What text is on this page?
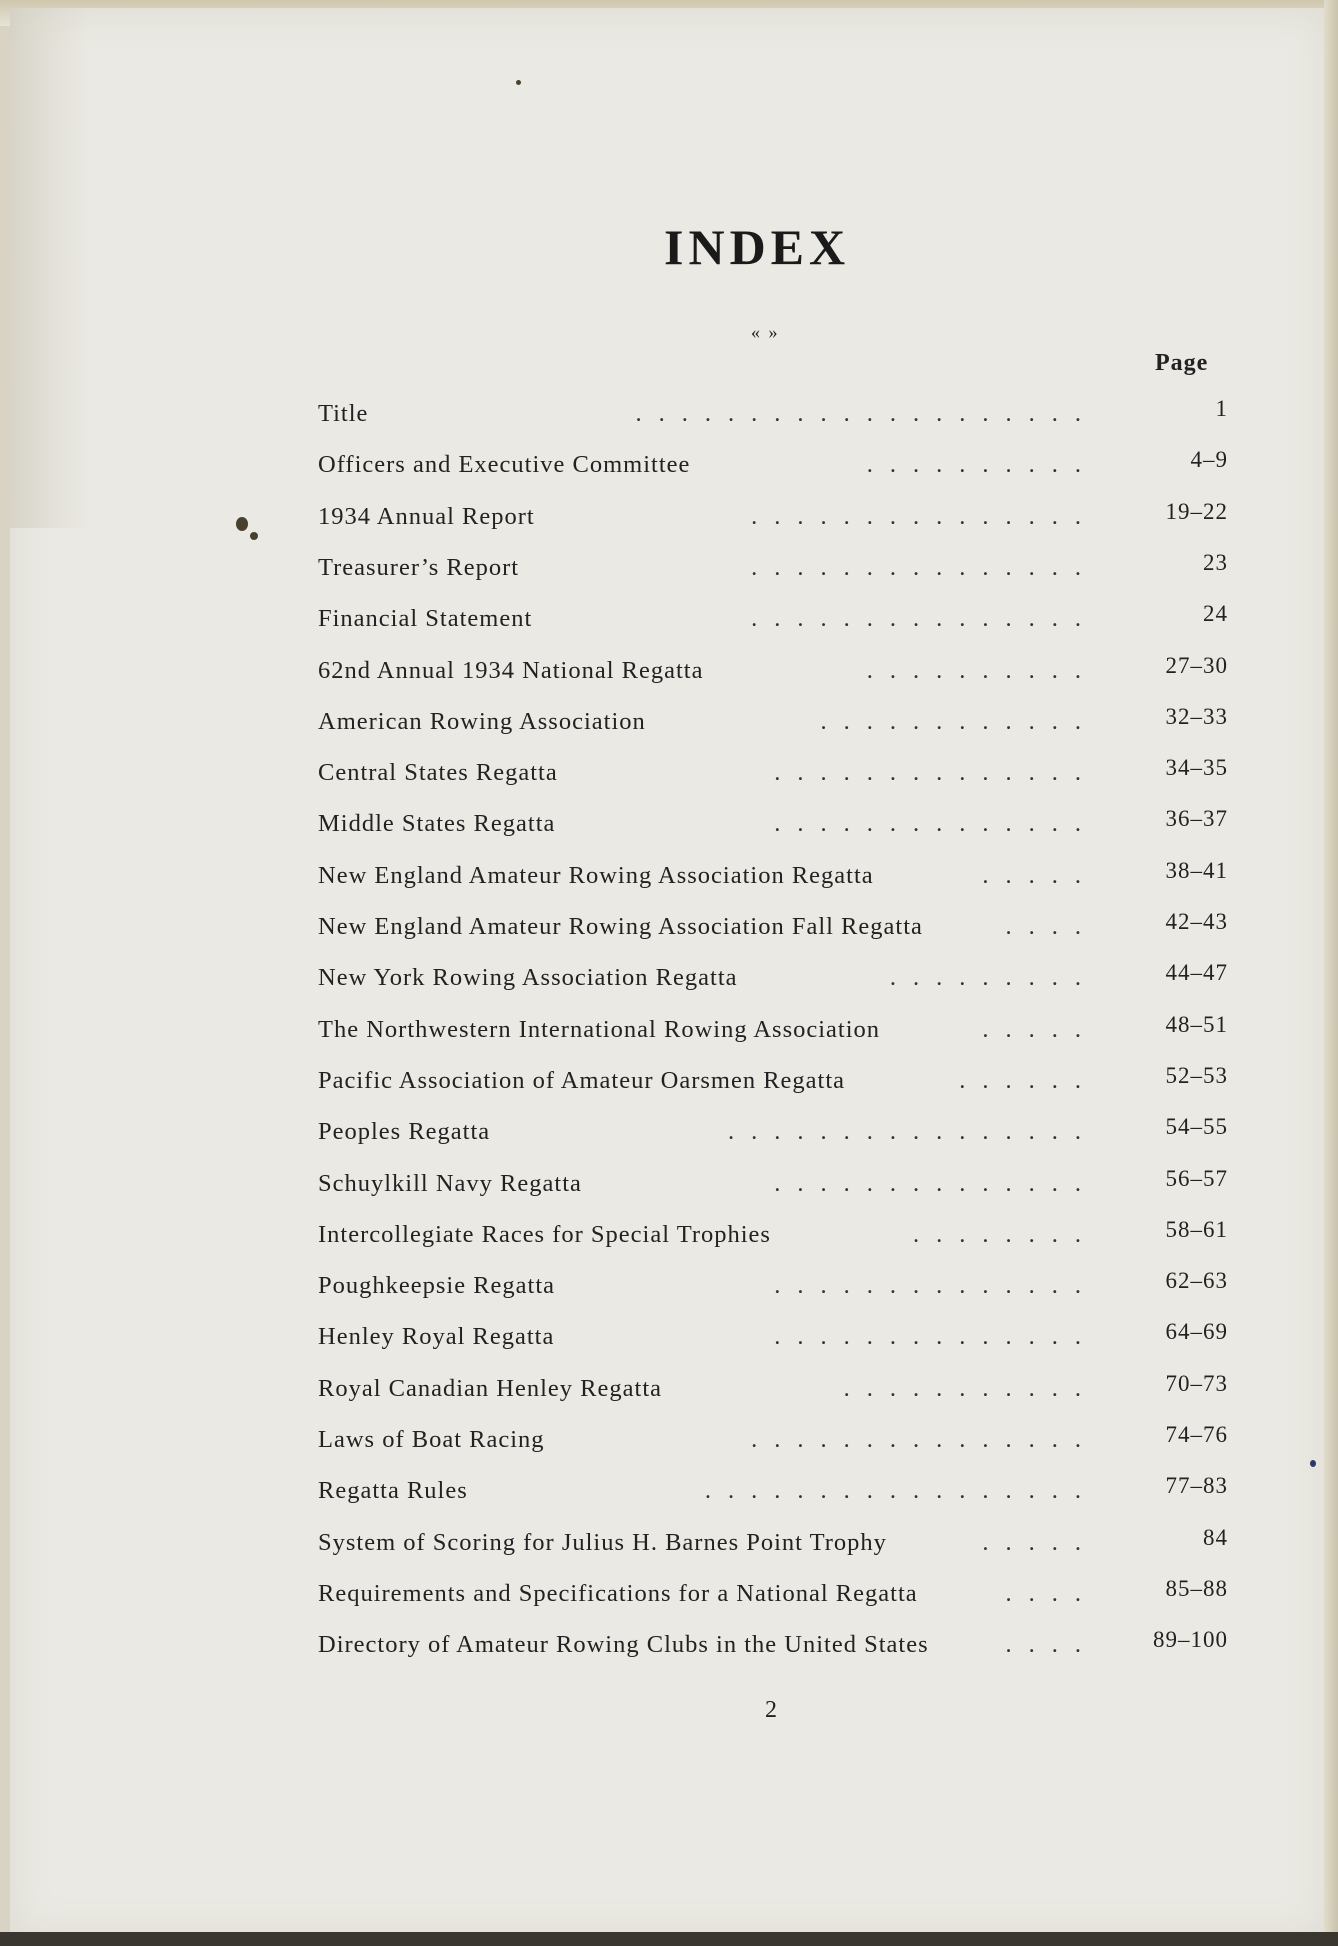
INDEX
« »
Page
Title	....................	1
Officers and Executive Committee	..........	4–9
1934 Annual Report	...............	19–22
Treasurer’s Report	...............	23
Financial Statement	...............	24
62nd Annual 1934 National Regatta	..........	27–30
American Rowing Association	............	32–33
Central States Regatta	..............	34–35
Middle States Regatta	..............	36–37
New England Amateur Rowing Association Regatta	.....	38–41
New England Amateur Rowing Association Fall Regatta	....	42–43
New York Rowing Association Regatta	.........	44–47
The Northwestern International Rowing Association	.....	48–51
Pacific Association of Amateur Oarsmen Regatta	......	52–53
Peoples Regatta	................	54–55
Schuylkill Navy Regatta	..............	56–57
Intercollegiate Races for Special Trophies	........	58–61
Poughkeepsie Regatta	..............	62–63
Henley Royal Regatta	..............	64–69
Royal Canadian Henley Regatta	...........	70–73
Laws of Boat Racing	...............	74–76
Regatta Rules	.................	77–83
System of Scoring for Julius H. Barnes Point Trophy	.....	84
Requirements and Specifications for a National Regatta	....	85–88
Directory of Amateur Rowing Clubs in the United States	....	89–100
2
